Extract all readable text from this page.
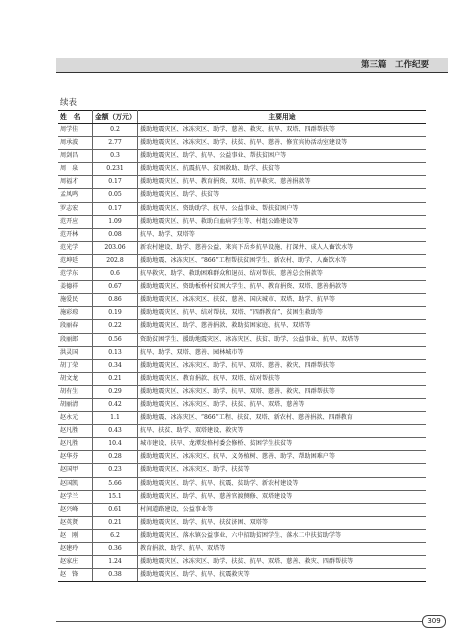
第三篇　工作纪要
续表
姓　名	金额（万元）	主要用途
周学佳	0.2	援助地震灾区、冰冻灾区、助学、慈善、救灾、抗旱、双塔、四群帮扶等
周承波	2.77	援助地震灾区、冰冻灾区、助学、扶贫、抗旱、慈善、修宜宾协活动室建设等
周剑昌	0.3	援助地震灾区、助学、抗旱、公益事业、帮扶贫困户等
周　泉	0.231	援助地震灾区、抗震抗旱、贫困救助、助学、扶贫等
周福才	0.17	援助地震灾区、抗旱、教育捐资、双塔、抗旱救灾、慈善捐款等
孟凤鸣	0.05	援助地震灾区、助学、扶贫等
罗志宏	0.17	援助地震灾区、资助助学、抗旱、公益事业、帮扶贫困户等
范开应	1.09	援助地震灾区、抗旱、救助白血病学生等、村组公路建设等
范开林	0.08	抗旱、助学、双塔等
范光学	203.06	新农村建设、助学、慈善公益、来宾下岳乡抗旱设施、打深井、成人人畜饮水等
范坤廷	202.8	援助地震、冰冻灾区、“866”工程帮扶贫困学生、新农村、助学、人畜饮水等
范学东	0.6	抗旱救灾、助学、救助困难群众和退员、结对帮扶、慈善总会捐款等
姜德祥	0.67	援助地震灾区、资助板桥村贫困大学生、抗旱、教育捐资、双塔、慈善捐款等
施爱民	0.86	援助地震灾区、冰冻灾区、扶贫、慈善、国庆城市、双塔、助学、抗旱等
施彩琼	0.19	援助地震灾区、抗旱、结对帮扶、双塔、“四群教育”、贫困生救助等
段丽春	0.22	援助地震灾区、助学、慈善捐款、救助贫困家庭、抗旱、双塔等
段丽郎	0.56	资助贫困学生、援助地震灾区、冰冻灾区、扶贫、助学、公益事业、抗旱、双塔等
洪灵国	0.13	抗旱、助学、双塔、慈善、园林城市等
胡丁荣	0.34	援助地震灾区、冰冻灾区、助学、抗旱、双塔、慈善、救灾、四群帮扶等
胡文龙	0.21	援助地震灾区、教育捐款、抗旱、双塔、结对帮扶等
胡有生	0.29	援助地震灾区、冰冻灾区、助学、抗旱、双塔、慈善、救灾、四群帮扶等
胡丽清	0.42	援助地震灾区、冰冻灾区、助学、扶贫、抗旱、双塔、慈善等
赵永元	1.1	援助地震、冰冻灾区、“866”工程、扶贫、双塔、新农村、慈善捐款、四群教育
赵凡胜	0.43	抗旱、扶贫、助学、双塔建设、救灾等
赵凡胜	10.4	城市建设、扶旱、龙潭发格村委会修桥、贫困学生扶贫等
赵华芬	0.28	援助地震灾区、冰冻灾区、抗旱、义务植树、慈善、助学、帮助困难户等
赵国甲	0.23	援助地震灾区、冰冻灾区、助学、扶贫等
赵国凯	5.66	援助地震灾区、助学、抗旱、抗震、贫助学、新农村建设等
赵学兰	15.1	援助地震灾区、助学、抗旱、慈善官渡侧修、双塔建设等
赵兴峰	0.61	村间道路建设、公益事业等
赵英贤	0.21	援助地震灾区、助学、抗旱、扶贫济困、双塔等
赵　刚	6.2	援助地震灾区、落水镇公益事业、六中招助贫困学生、落水二中扶贫助学等
赵建玲	0.36	教育捐款、助学、抗旱、双塔等
赵家庄	1.24	援助地震灾区、冰冻灾区、助学、扶贫、抗旱、双塔、慈善、救灾、四群帮扶等
赵　锋	0.38	援助地震灾区、助学、抗旱、抗震救灾等
309
